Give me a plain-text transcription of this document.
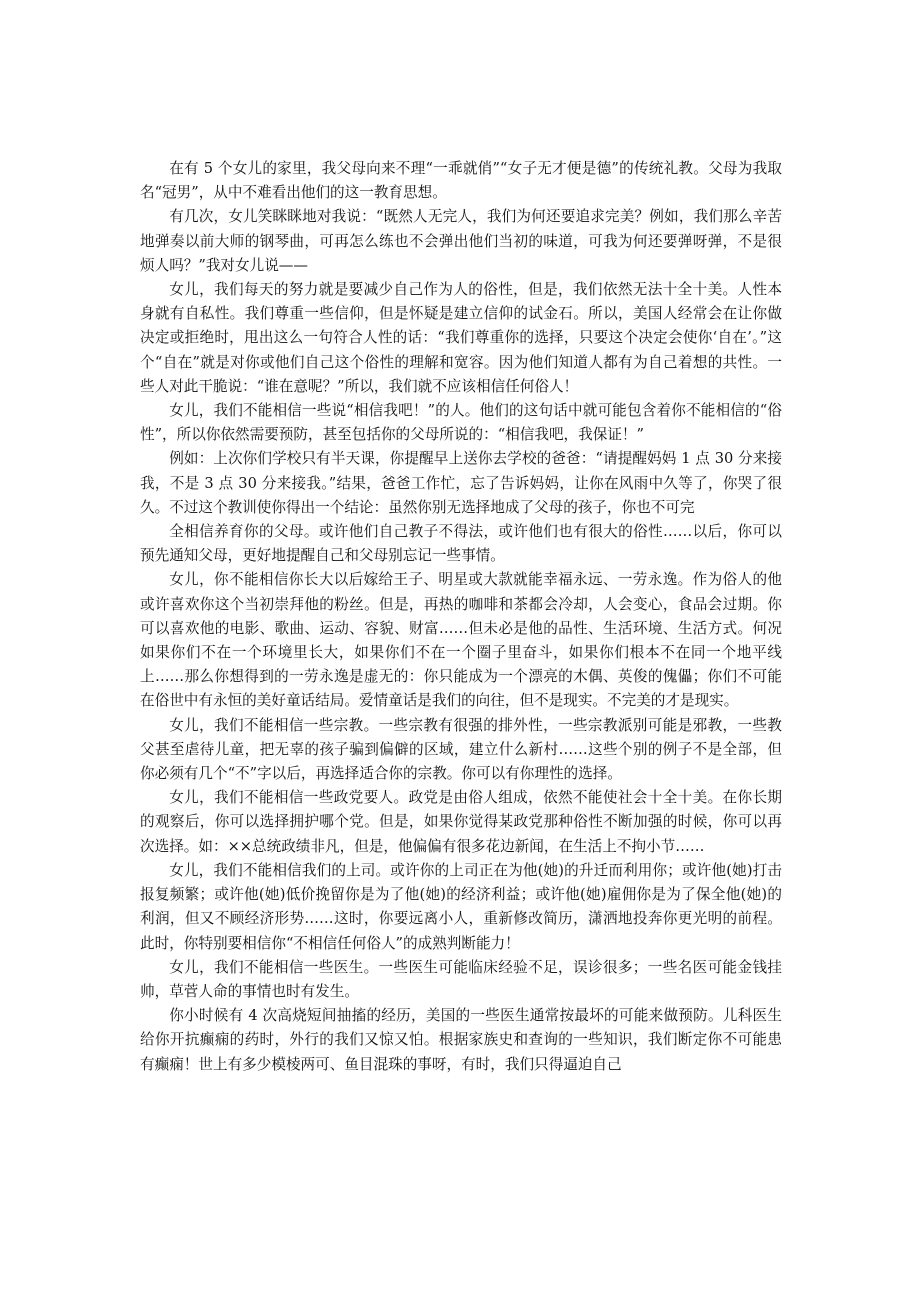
在有 5 个女儿的家里，我父母向来不理“一乖就俏”“女子无才便是德”的传统礼教。父母为我取名“冠男”，从中不难看出他们的这一教育思想。

有几次，女儿笑眯眯地对我说：“既然人无完人，我们为何还要追求完美？例如，我们那么辛苦地弹奏以前大师的钢琴曲，可再怎么练也不会弹出他们当初的味道，可我为何还要弹呀弹，不是很烦人吗？”我对女儿说——

女儿，我们每天的努力就是要减少自己作为人的俗性，但是，我们依然无法十全十美。人性本身就有自私性。我们尊重一些信仰，但是怀疑是建立信仰的试金石。所以，美国人经常会在让你做决定或拒绝时，甩出这么一句符合人性的话：“我们尊重你的选择，只要这个决定会使你‘自在’。”这个“自在”就是对你或他们自己这个俗性的理解和宽容。因为他们知道人都有为自己着想的共性。一些人对此干脆说：“谁在意呢？”所以，我们就不应该相信任何俗人！

女儿，我们不能相信一些说“相信我吧！”的人。他们的这句话中就可能包含着你不能相信的“俗性”，所以你依然需要预防，甚至包括你的父母所说的：“相信我吧，我保证！”

例如：上次你们学校只有半天课，你提醒早上送你去学校的爸爸：“请提醒妈妈 1 点 30 分来接我，不是 3 点 30 分来接我。”结果，爸爸工作忙，忘了告诉妈妈，让你在风雨中久等了，你哭了很久。不过这个教训使你得出一个结论：虽然你别无选择地成了父母的孩子，你也不可完

全相信养育你的父母。或许他们自己教子不得法，或许他们也有很大的俗性……以后，你可以预先通知父母，更好地提醒自己和父母别忘记一些事情。

女儿，你不能相信你长大以后嫁给王子、明星或大款就能幸福永远、一劳永逸。作为俗人的他或许喜欢你这个当初崇拜他的粉丝。但是，再热的咖啡和茶都会冷却，人会变心，食品会过期。你可以喜欢他的电影、歌曲、运动、容貌、财富……但未必是他的品性、生活环境、生活方式。何况如果你们不在一个环境里长大，如果你们不在一个圈子里奋斗，如果你们根本不在同一个地平线上……那么你想得到的一劳永逸是虚无的：你只能成为一个漂亮的木偶、英俊的傀儡；你们不可能在俗世中有永恒的美好童话结局。爱情童话是我们的向往，但不是现实。不完美的才是现实。

女儿，我们不能相信一些宗教。一些宗教有很强的排外性，一些宗教派别可能是邪教，一些教父甚至虐待儿童，把无辜的孩子骗到偏僻的区域，建立什么新村……这些个别的例子不是全部，但你必须有几个“不”字以后，再选择适合你的宗教。你可以有你理性的选择。

女儿，我们不能相信一些政党要人。政党是由俗人组成，依然不能使社会十全十美。在你长期的观察后，你可以选择拥护哪个党。但是，如果你觉得某政党那种俗性不断加强的时候，你可以再次选择。如：××总统政绩非凡，但是，他偏偏有很多花边新闻，在生活上不拘小节……

女儿，我们不能相信我们的上司。或许你的上司正在为他(她)的升迁而利用你；或许他(她)打击报复频繁；或许他(她)低价挽留你是为了他(她)的经济利益；或许他(她)雇佣你是为了保全他(她)的利润，但又不顾经济形势……这时，你要远离小人，重新修改简历，潇洒地投奔你更光明的前程。此时，你特别要相信你“不相信任何俗人”的成熟判断能力！

女儿，我们不能相信一些医生。一些医生可能临床经验不足，误诊很多；一些名医可能金钱挂帅，草菅人命的事情也时有发生。

你小时候有 4 次高烧短间抽搐的经历，美国的一些医生通常按最坏的可能来做预防。儿科医生给你开抗癫痫的药时，外行的我们又惊又怕。根据家族史和查询的一些知识，我们断定你不可能患有癫痫！世上有多少模棱两可、鱼目混珠的事呀，有时，我们只得逼迫自己
